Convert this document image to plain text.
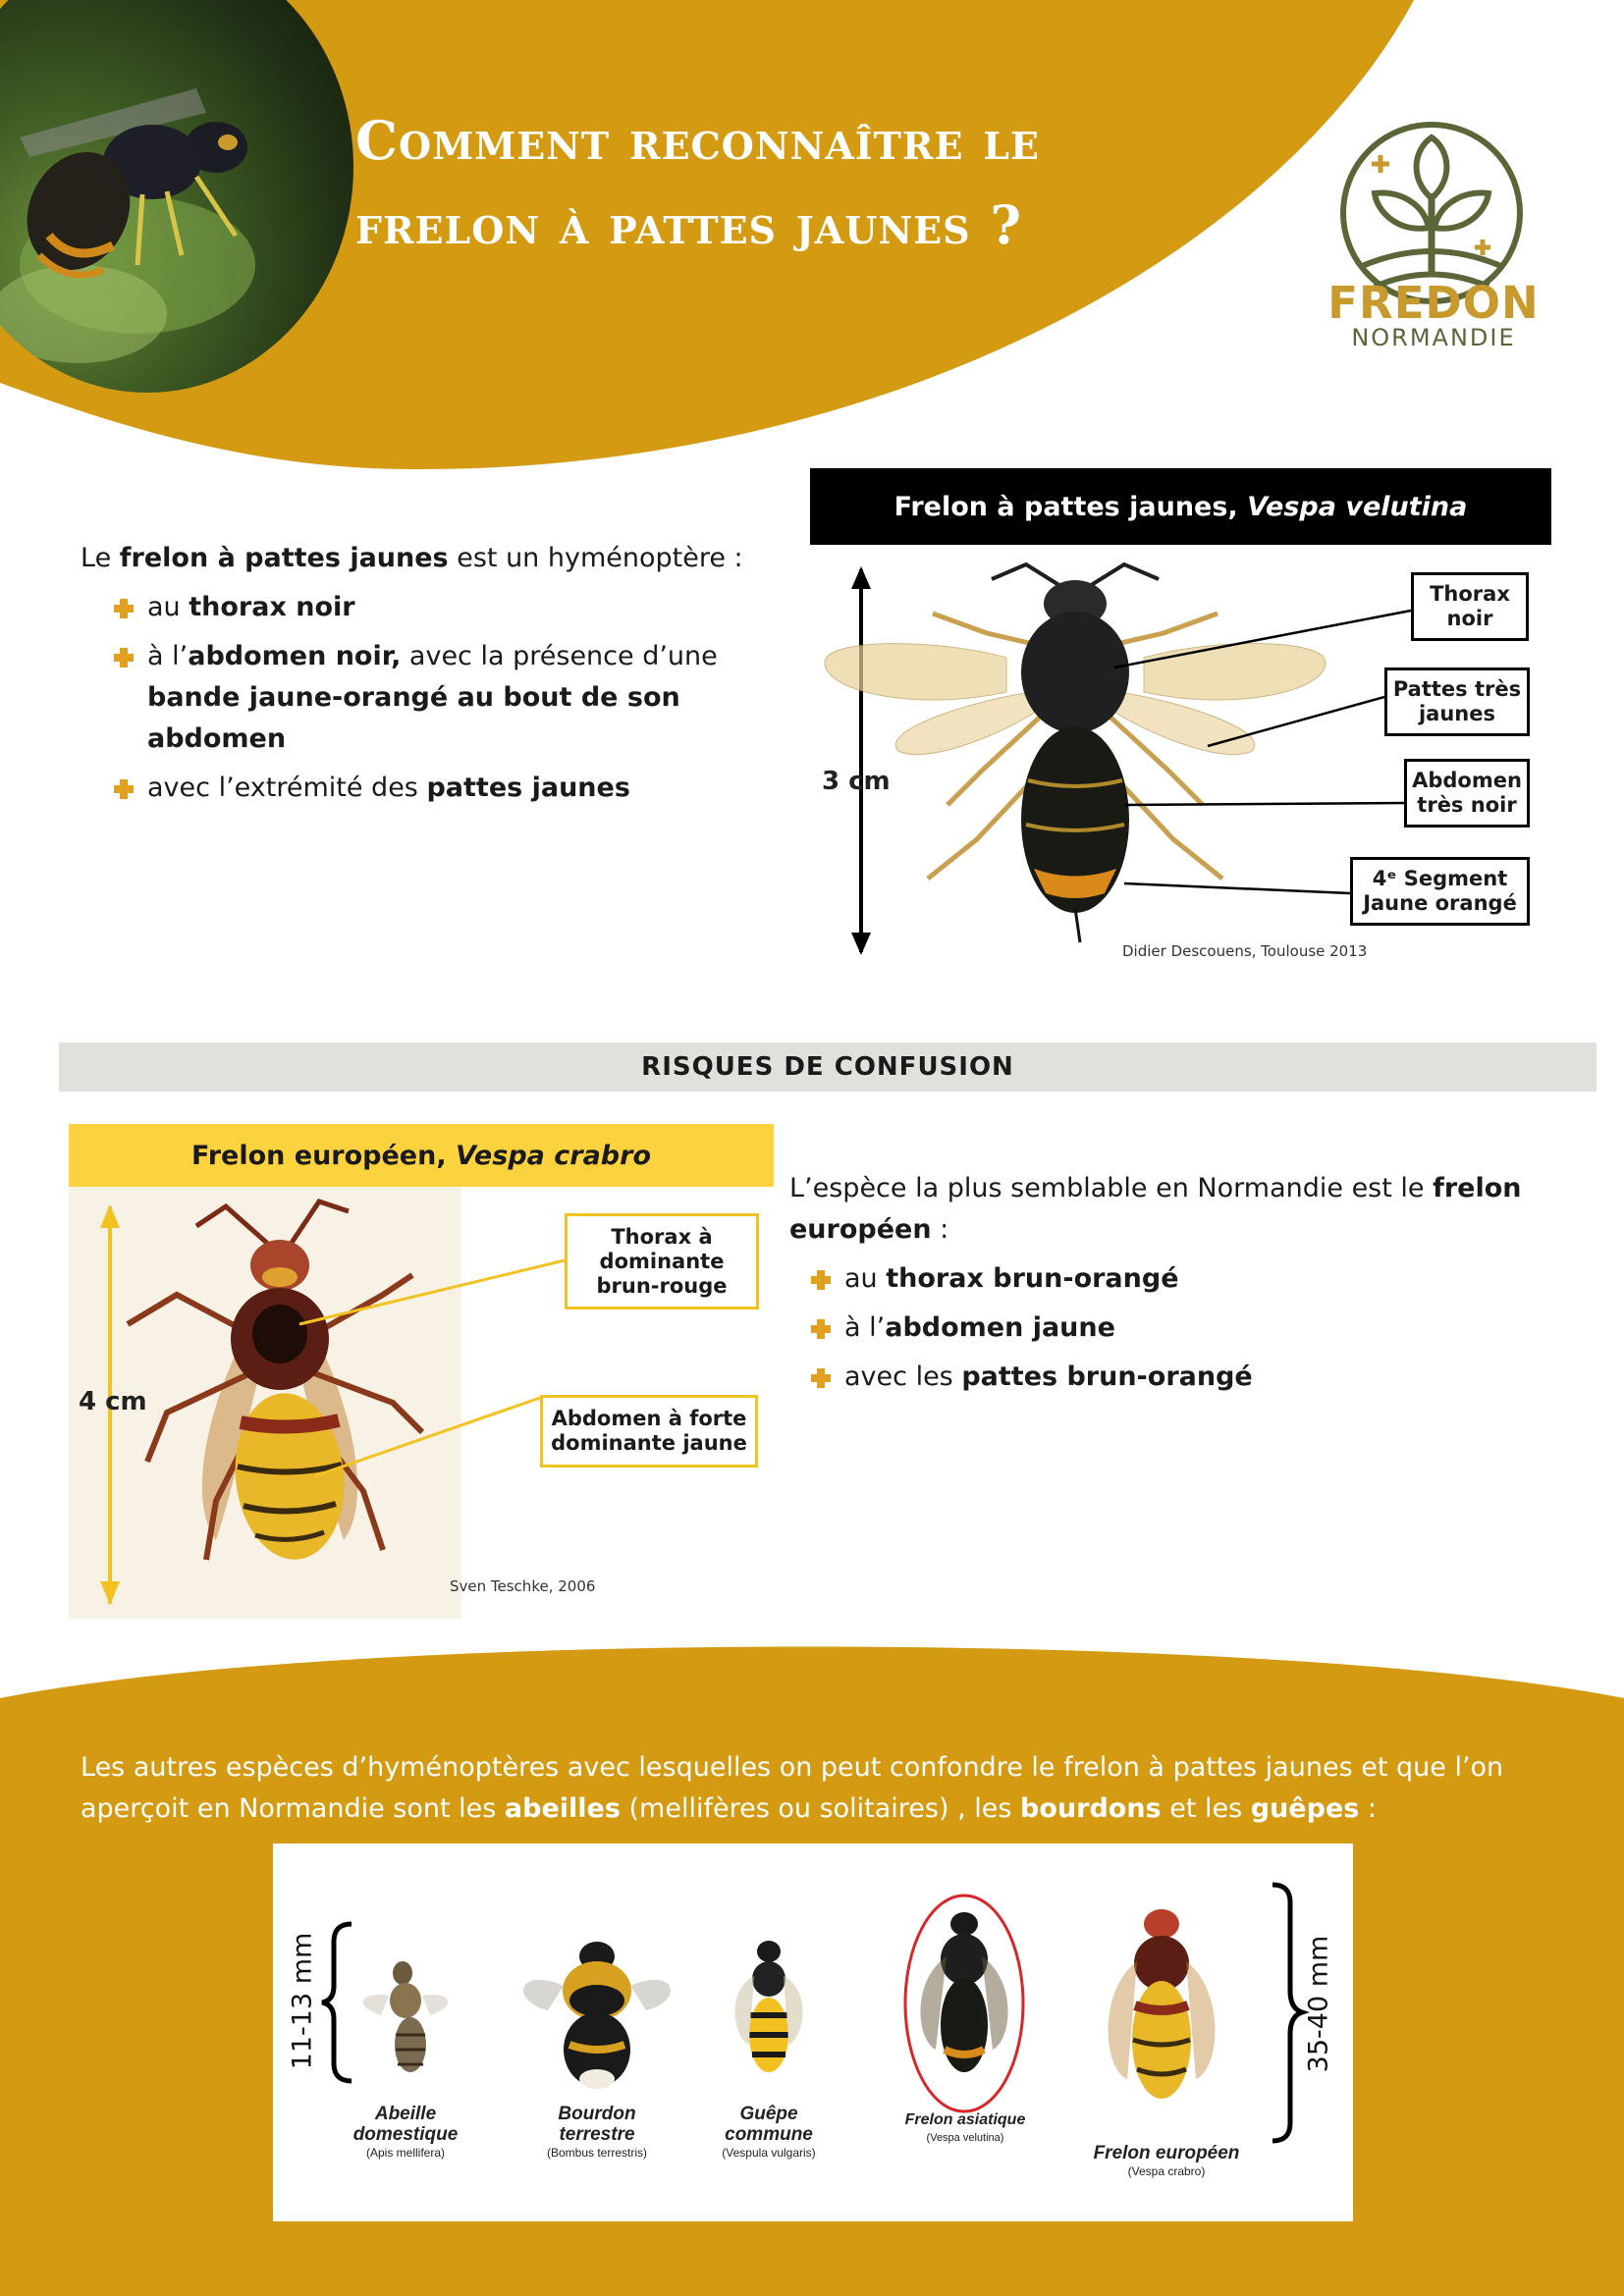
Comment reconnaître le
frelon à pattes jaunes ?
FREDON
NORMANDIE

Le frelon à pattes jaunes est un hyménoptère :

au thorax noir
à l’abdomen noir, avec la présence d’une
bande jaune-orangé au bout de son abdomen
avec l’extrémité des pattes jaunes
Frelon à pattes jaunes,
Vespa velutina
3 cm
Thorax noir
Pattes très jaunes
Abdomen très noir
4ᵉ Segment Jaune orangé
Didier Descouens, Toulouse 2013
RISQUES DE CONFUSION
Frelon européen,
Vespa crabro
4 cm
Thorax à dominante brun-rouge
Abdomen à forte dominante jaune
Sven Teschke, 2006

L’espèce la plus semblable en Normandie est le frelon
européen :

au thorax brun-orangé
à l’abdomen jaune
avec les pattes brun-orangé
Les autres espèces d’hyménoptères avec lesquelles on peut confondre le frelon à pattes jaunes et que l’on
aperçoit en Normandie sont les abeilles (mellifères ou solitaires) , les bourdons et les guêpes :
11-13 mm	35-40 mm
Abeille
domestique
(Apis mellifera)
Bourdon
terrestre
(Bombus terrestris)
Guêpe
commune
(Vespula vulgaris)
Frelon asiatique
(Vespa velutina)
Frelon européen
(Vespa crabro)
